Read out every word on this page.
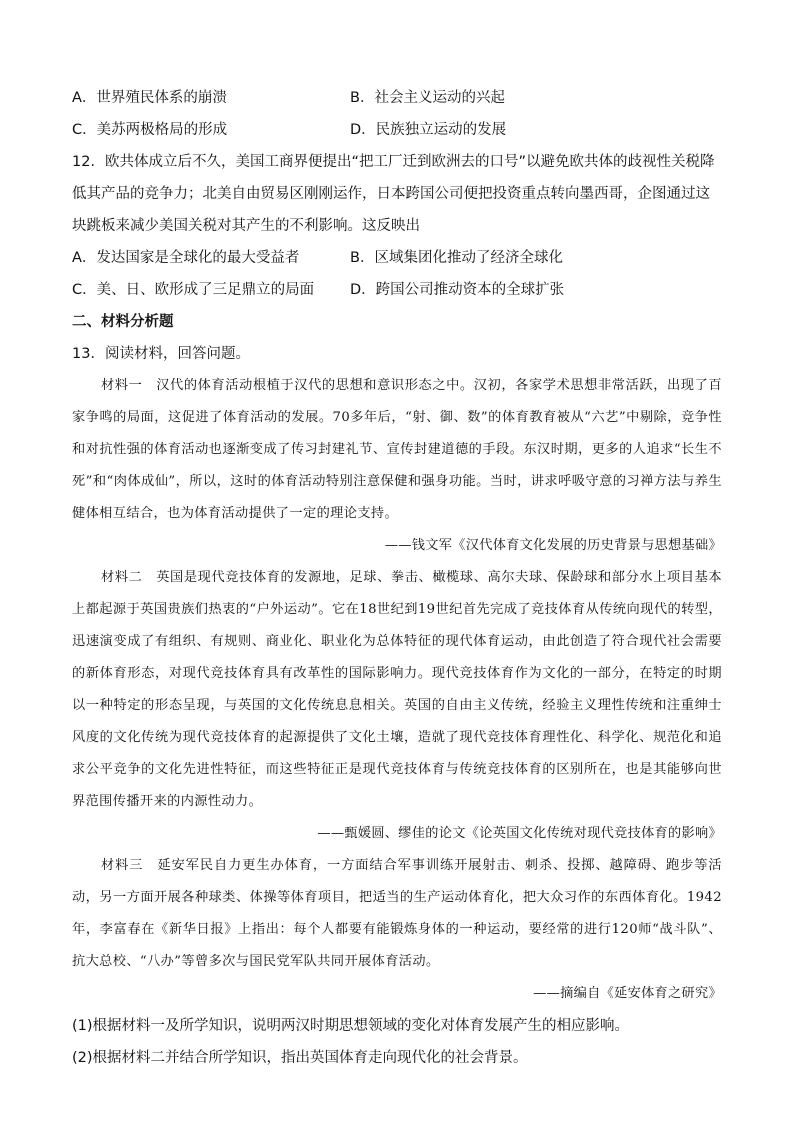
A．世界殖民体系的崩溃	B．社会主义运动的兴起
C．美苏两极格局的形成	D．民族独立运动的发展

12．欧共体成立后不久，美国工商界便提出“把工厂迁到欧洲去的口号”以避免欧共体的歧视性关税降低其产品的竞争力；北美自由贸易区刚刚运作，日本跨国公司便把投资重点转向墨西哥，企图通过这块跳板来减少美国关税对其产生的不利影响。这反映出

A．发达国家是全球化的最大受益者	B．区域集团化推动了经济全球化
C．美、日、欧形成了三足鼎立的局面	D．跨国公司推动资本的全球扩张

二、材料分析题

13．阅读材料，回答问题。

材料一　汉代的体育活动根植于汉代的思想和意识形态之中。汉初，各家学术思想非常活跃，出现了百家争鸣的局面，这促进了体育活动的发展。70多年后，“射、御、数”的体育教育被从“六艺”中剔除，竞争性和对抗性强的体育活动也逐渐变成了传习封建礼节、宣传封建道德的手段。东汉时期，更多的人追求“长生不死”和“肉体成仙”，所以，这时的体育活动特别注意保健和强身功能。当时，讲求呼吸守意的习禅方法与养生健体相互结合，也为体育活动提供了一定的理论支持。

——钱文军《汉代体育文化发展的历史背景与思想基础》

材料二　英国是现代竞技体育的发源地，足球、拳击、橄榄球、高尔夫球、保龄球和部分水上项目基本上都起源于英国贵族们热衷的“户外运动”。它在18世纪到19世纪首先完成了竞技体育从传统向现代的转型，迅速演变成了有组织、有规则、商业化、职业化为总体特征的现代体育运动，由此创造了符合现代社会需要的新体育形态，对现代竞技体育具有改革性的国际影响力。现代竞技体育作为文化的一部分，在特定的时期以一种特定的形态呈现，与英国的文化传统息息相关。英国的自由主义传统，经验主义理性传统和注重绅士风度的文化传统为现代竞技体育的起源提供了文化土壤，造就了现代竞技体育理性化、科学化、规范化和追求公平竞争的文化先进性特征，而这些特征正是现代竞技体育与传统竞技体育的区别所在，也是其能够向世界范围传播开来的内源性动力。

——甄媛圆、缪佳的论文《论英国文化传统对现代竞技体育的影响》

材料三　延安军民自力更生办体育，一方面结合军事训练开展射击、刺杀、投掷、越障碍、跑步等活动，另一方面开展各种球类、体操等体育项目，把适当的生产运动体育化，把大众习作的东西体育化。1942年，李富春在《新华日报》上指出：每个人都要有能锻炼身体的一种运动，要经常的进行120师“战斗队”、抗大总校、“八办”等曾多次与国民党军队共同开展体育活动。

——摘编自《延安体育之研究》

(1)根据材料一及所学知识，说明两汉时期思想领域的变化对体育发展产生的相应影响。

(2)根据材料二并结合所学知识，指出英国体育走向现代化的社会背景。
